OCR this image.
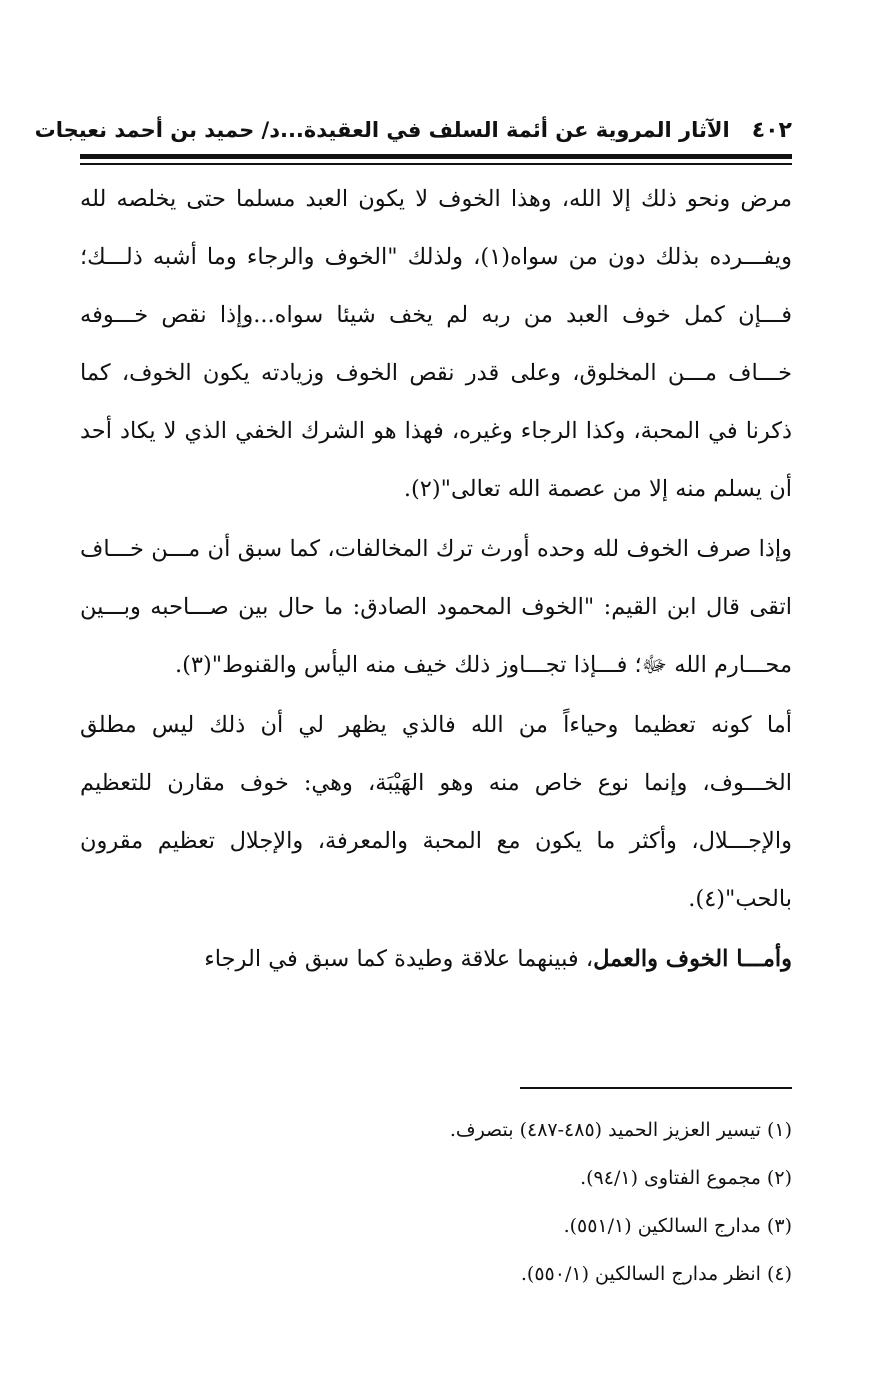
٤٠٢
الآثار المروية عن أئمة السلف في العقيدة...د/ حميد بن أحمد نعيجات

مرض ونحو ذلك إلا الله، وهذا الخوف لا يكون العبد مسلما حتى يخلصه لله ويفـــرده بذلك دون من سواه(١)، ولذلك "الخوف والرجاء وما أشبه ذلـــك؛ فـــإن كمل خوف العبد من ربه لم يخف شيئا سواه...وإذا نقص خـــوفه خـــاف مـــن المخلوق، وعلى قدر نقص الخوف وزيادته يكون الخوف، كما ذكرنا في المحبة، وكذا الرجاء وغيره، فهذا هو الشرك الخفي الذي لا يكاد أحد أن يسلم منه إلا من عصمة الله تعالى"(٢).

وإذا صرف الخوف لله وحده أورث ترك المخالفات، كما سبق أن مـــن خـــاف اتقى قال ابن القيم: "الخوف المحمود الصادق: ما حال بين صـــاحبه وبـــين محـــارم الله ﷻ؛ فـــإذا تجـــاوز ذلك خيف منه اليأس والقنوط"(٣).

أما كونه تعظيما وحياءاً من الله فالذي يظهر لي أن ذلك ليس مطلق الخـــوف، وإنما نوع خاص منه وهو الهَيْبَة، وهي: خوف مقارن للتعظيم والإجـــلال، وأكثر ما يكون مع المحبة والمعرفة، والإجلال تعظيم مقرون بالحب"(٤).

وأمـــا الخوف والعمل، فبينهما علاقة وطيدة كما سبق في الرجاء

(١) تيسير العزيز الحميد (٤٨٥-٤٨٧) بتصرف.

(٢) مجموع الفتاوى (٩٤/١).

(٣) مدارج السالكين (٥٥١/١).

(٤) انظر مدارج السالكين (٥٥٠/١).
